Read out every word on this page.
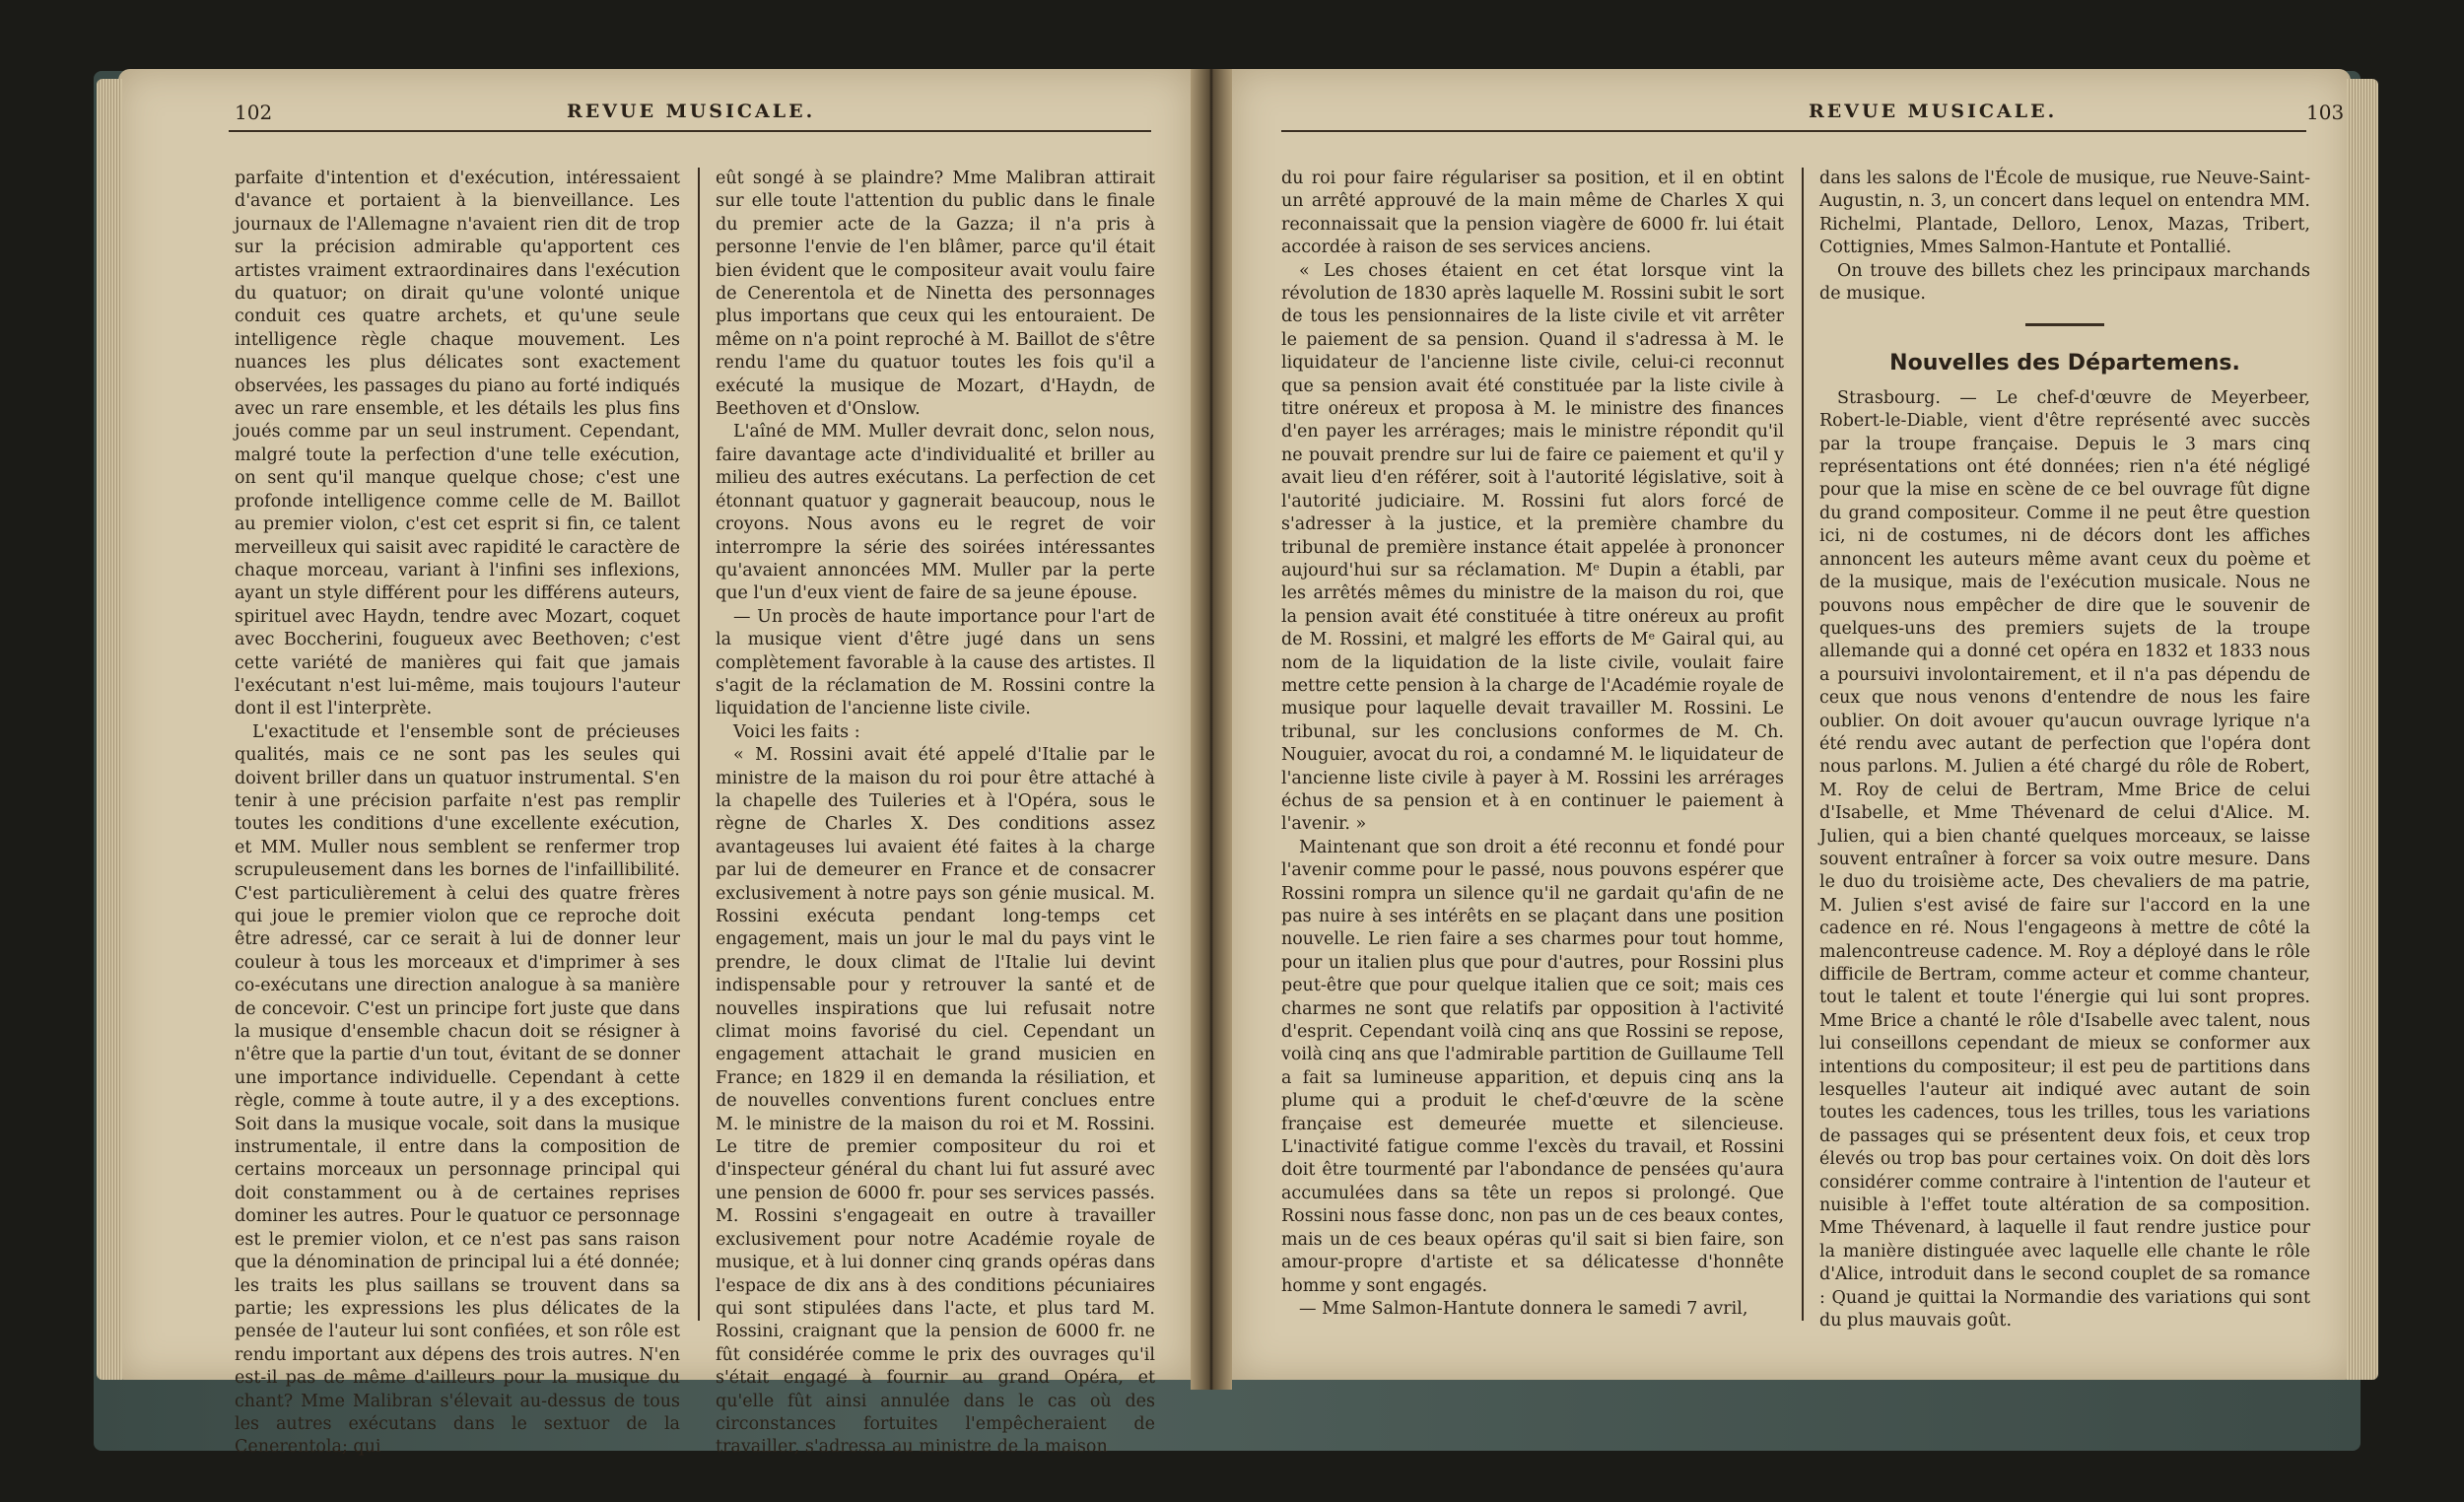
102	REVUE MUSICALE.

parfaite d'intention et d'exécution, intéressaient d'avance et portaient à la bienveillance. Les journaux de l'Allemagne n'avaient rien dit de trop sur la précision admirable qu'apportent ces artistes vraiment extraordinaires dans l'exécution du quatuor; on dirait qu'une volonté unique conduit ces quatre archets, et qu'une seule intelligence règle chaque mouvement. Les nuances les plus délicates sont exactement observées, les passages du piano au forté indiqués avec un rare ensemble, et les détails les plus fins joués comme par un seul instrument. Cependant, malgré toute la perfection d'une telle exécution, on sent qu'il manque quelque chose; c'est une profonde intelligence comme celle de M. Baillot au premier violon, c'est cet esprit si fin, ce talent merveilleux qui saisit avec rapidité le caractère de chaque morceau, variant à l'infini ses inflexions, ayant un style différent pour les différens auteurs, spirituel avec Haydn, tendre avec Mozart, coquet avec Boccherini, fougueux avec Beethoven; c'est cette variété de manières qui fait que jamais l'exécutant n'est lui-même, mais toujours l'auteur dont il est l'interprète.

L'exactitude et l'ensemble sont de précieuses qualités, mais ce ne sont pas les seules qui doivent briller dans un quatuor instrumental. S'en tenir à une précision parfaite n'est pas remplir toutes les conditions d'une excellente exécution, et MM. Muller nous semblent se renfermer trop scrupuleusement dans les bornes de l'infaillibilité. C'est particulièrement à celui des quatre frères qui joue le premier violon que ce reproche doit être adressé, car ce serait à lui de donner leur couleur à tous les morceaux et d'imprimer à ses co-exécutans une direction analogue à sa manière de concevoir. C'est un principe fort juste que dans la musique d'ensemble chacun doit se résigner à n'être que la partie d'un tout, évitant de se donner une importance individuelle. Cependant à cette règle, comme à toute autre, il y a des exceptions. Soit dans la musique vocale, soit dans la musique instrumentale, il entre dans la composition de certains morceaux un personnage principal qui doit constamment ou à de certaines reprises dominer les autres. Pour le quatuor ce personnage est le premier violon, et ce n'est pas sans raison que la dénomination de principal lui a été donnée; les traits les plus saillans se trouvent dans sa partie; les expressions les plus délicates de la pensée de l'auteur lui sont confiées, et son rôle est rendu important aux dépens des trois autres. N'en est-il pas de même d'ailleurs pour la musique du chant? Mme Malibran s'élevait au-dessus de tous les autres exécutans dans le sextuor de la Cenerentola; qui

eût songé à se plaindre? Mme Malibran attirait sur elle toute l'attention du public dans le finale du premier acte de la Gazza; il n'a pris à personne l'envie de l'en blâmer, parce qu'il était bien évident que le compositeur avait voulu faire de Cenerentola et de Ninetta des personnages plus importans que ceux qui les entouraient. De même on n'a point reproché à M. Baillot de s'être rendu l'ame du quatuor toutes les fois qu'il a exécuté la musique de Mozart, d'Haydn, de Beethoven et d'Onslow.

L'aîné de MM. Muller devrait donc, selon nous, faire davantage acte d'individualité et briller au milieu des autres exécutans. La perfection de cet étonnant quatuor y gagnerait beaucoup, nous le croyons. Nous avons eu le regret de voir interrompre la série des soirées intéressantes qu'avaient annoncées MM. Muller par la perte que l'un d'eux vient de faire de sa jeune épouse.

— Un procès de haute importance pour l'art de la musique vient d'être jugé dans un sens complètement favorable à la cause des artistes. Il s'agit de la réclamation de M. Rossini contre la liquidation de l'ancienne liste civile.

Voici les faits :

« M. Rossini avait été appelé d'Italie par le ministre de la maison du roi pour être attaché à la chapelle des Tuileries et à l'Opéra, sous le règne de Charles X. Des conditions assez avantageuses lui avaient été faites à la charge par lui de demeurer en France et de consacrer exclusivement à notre pays son génie musical. M. Rossini exécuta pendant long-temps cet engagement, mais un jour le mal du pays vint le prendre, le doux climat de l'Italie lui devint indispensable pour y retrouver la santé et de nouvelles inspirations que lui refusait notre climat moins favorisé du ciel. Cependant un engagement attachait le grand musicien en France; en 1829 il en demanda la résiliation, et de nouvelles conventions furent conclues entre M. le ministre de la maison du roi et M. Rossini. Le titre de premier compositeur du roi et d'inspecteur général du chant lui fut assuré avec une pension de 6000 fr. pour ses services passés. M. Rossini s'engageait en outre à travailler exclusivement pour notre Académie royale de musique, et à lui donner cinq grands opéras dans l'espace de dix ans à des conditions pécuniaires qui sont stipulées dans l'acte, et plus tard M. Rossini, craignant que la pension de 6000 fr. ne fût considérée comme le prix des ouvrages qu'il s'était engagé à fournir au grand Opéra, et qu'elle fût ainsi annulée dans le cas où des circonstances fortuites l'empêcheraient de travailler, s'adressa au ministre de la maison

REVUE MUSICALE.	103

du roi pour faire régulariser sa position, et il en obtint un arrêté approuvé de la main même de Charles X qui reconnaissait que la pension viagère de 6000 fr. lui était accordée à raison de ses services anciens.

« Les choses étaient en cet état lorsque vint la révolution de 1830 après laquelle M. Rossini subit le sort de tous les pensionnaires de la liste civile et vit arrêter le paiement de sa pension. Quand il s'adressa à M. le liquidateur de l'ancienne liste civile, celui-ci reconnut que sa pension avait été constituée par la liste civile à titre onéreux et proposa à M. le ministre des finances d'en payer les arrérages; mais le ministre répondit qu'il ne pouvait prendre sur lui de faire ce paiement et qu'il y avait lieu d'en référer, soit à l'autorité législative, soit à l'autorité judiciaire. M. Rossini fut alors forcé de s'adresser à la justice, et la première chambre du tribunal de première instance était appelée à prononcer aujourd'hui sur sa réclamation. Mᵉ Dupin a établi, par les arrêtés mêmes du ministre de la maison du roi, que la pension avait été constituée à titre onéreux au profit de M. Rossini, et malgré les efforts de Mᵉ Gairal qui, au nom de la liquidation de la liste civile, voulait faire mettre cette pension à la charge de l'Académie royale de musique pour laquelle devait travailler M. Rossini. Le tribunal, sur les conclusions conformes de M. Ch. Nouguier, avocat du roi, a condamné M. le liquidateur de l'ancienne liste civile à payer à M. Rossini les arrérages échus de sa pension et à en continuer le paiement à l'avenir. »

Maintenant que son droit a été reconnu et fondé pour l'avenir comme pour le passé, nous pouvons espérer que Rossini rompra un silence qu'il ne gardait qu'afin de ne pas nuire à ses intérêts en se plaçant dans une position nouvelle. Le rien faire a ses charmes pour tout homme, pour un italien plus que pour d'autres, pour Rossini plus peut-être que pour quelque italien que ce soit; mais ces charmes ne sont que relatifs par opposition à l'activité d'esprit. Cependant voilà cinq ans que Rossini se repose, voilà cinq ans que l'admirable partition de Guillaume Tell a fait sa lumineuse apparition, et depuis cinq ans la plume qui a produit le chef-d'œuvre de la scène française est demeurée muette et silencieuse. L'inactivité fatigue comme l'excès du travail, et Rossini doit être tourmenté par l'abondance de pensées qu'aura accumulées dans sa tête un repos si prolongé. Que Rossini nous fasse donc, non pas un de ces beaux contes, mais un de ces beaux opéras qu'il sait si bien faire, son amour-propre d'artiste et sa délicatesse d'honnête homme y sont engagés.

— Mme Salmon-Hantute donnera le samedi 7 avril,

dans les salons de l'École de musique, rue Neuve-Saint-Augustin, n. 3, un concert dans lequel on entendra MM. Richelmi, Plantade, Delloro, Lenox, Mazas, Tribert, Cottignies, Mmes Salmon-Hantute et Pontallié.

On trouve des billets chez les principaux marchands de musique.

Nouvelles des Départemens.

Strasbourg. — Le chef-d'œuvre de Meyerbeer, Robert-le-Diable, vient d'être représenté avec succès par la troupe française. Depuis le 3 mars cinq représentations ont été données; rien n'a été négligé pour que la mise en scène de ce bel ouvrage fût digne du grand compositeur. Comme il ne peut être question ici, ni de costumes, ni de décors dont les affiches annoncent les auteurs même avant ceux du poème et de la musique, mais de l'exécution musicale. Nous ne pouvons nous empêcher de dire que le souvenir de quelques-uns des premiers sujets de la troupe allemande qui a donné cet opéra en 1832 et 1833 nous a poursuivi involontairement, et il n'a pas dépendu de ceux que nous venons d'entendre de nous les faire oublier. On doit avouer qu'aucun ouvrage lyrique n'a été rendu avec autant de perfection que l'opéra dont nous parlons. M. Julien a été chargé du rôle de Robert, M. Roy de celui de Bertram, Mme Brice de celui d'Isabelle, et Mme Thévenard de celui d'Alice. M. Julien, qui a bien chanté quelques morceaux, se laisse souvent entraîner à forcer sa voix outre mesure. Dans le duo du troisième acte, Des chevaliers de ma patrie, M. Julien s'est avisé de faire sur l'accord en la une cadence en ré. Nous l'engageons à mettre de côté la malencontreuse cadence. M. Roy a déployé dans le rôle difficile de Bertram, comme acteur et comme chanteur, tout le talent et toute l'énergie qui lui sont propres. Mme Brice a chanté le rôle d'Isabelle avec talent, nous lui conseillons cependant de mieux se conformer aux intentions du compositeur; il est peu de partitions dans lesquelles l'auteur ait indiqué avec autant de soin toutes les cadences, tous les trilles, tous les variations de passages qui se présentent deux fois, et ceux trop élevés ou trop bas pour certaines voix. On doit dès lors considérer comme contraire à l'intention de l'auteur et nuisible à l'effet toute altération de sa composition. Mme Thévenard, à laquelle il faut rendre justice pour la manière distinguée avec laquelle elle chante le rôle d'Alice, introduit dans le second couplet de sa romance : Quand je quittai la Normandie des variations qui sont du plus mauvais goût.
